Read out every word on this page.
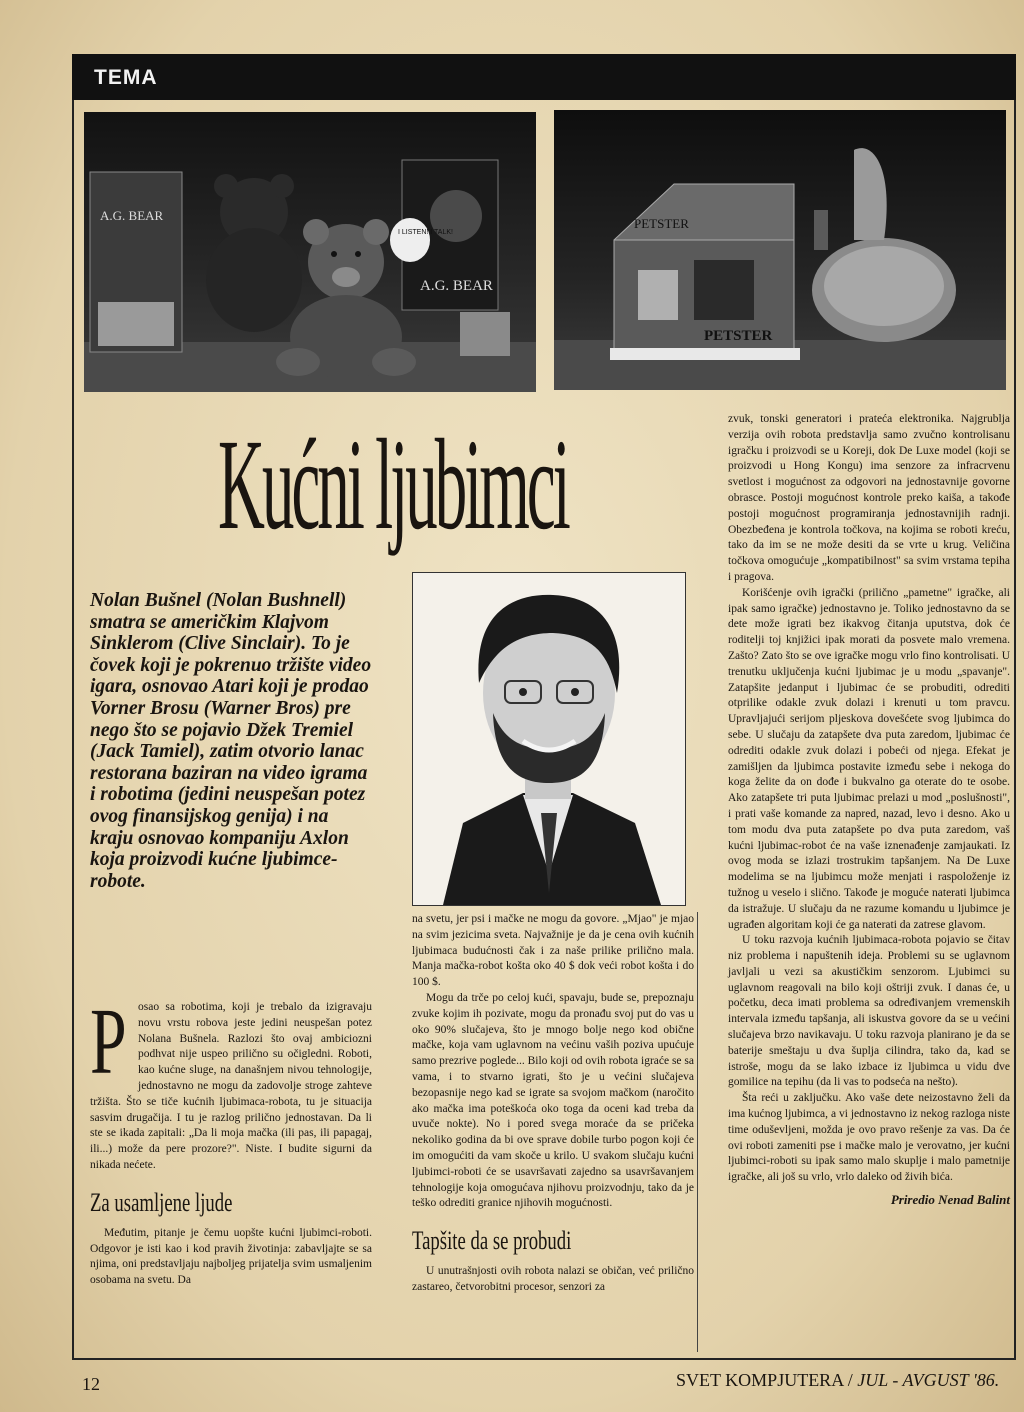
TEMA
A.G. BEAR
I LISTEN! I TALK!
A.G. BEAR
PETSTER
PETSTER
Kućni ljubimci
Nolan Bušnel (Nolan Bushnell) smatra se američkim Klajvom Sinklerom (Clive Sinclair). To je čovek koji je pokrenuo tržište video igara, osnovao Atari koji je prodao Vorner Brosu (Warner Bros) pre nego što se pojavio Džek Tremiel (Jack Tamiel), zatim otvorio lanac restorana baziran na video igrama i robotima (jedini neuspešan potez ovog finansijskog genija) i na kraju osnovao kompaniju Axlon koja proizvodi kućne ljubimce-robote.
P osao sa robotima, koji je trebalo da izigravaju novu vrstu robova jeste jedini neuspešan potez Nolana Bušnela. Razlozi što ovaj ambiciozni podhvat nije uspeo prilično su očigledni. Roboti, kao kućne sluge, na današnjem nivou tehnologije, jednostavno ne mogu da zadovolje stroge zahteve tržišta. Što se tiče kućnih ljubimaca-robota, tu je situacija sasvim drugačija. I tu je razlog prilično jednostavan. Da li ste se ikada zapitali: „Da li moja mačka (ili pas, ili papagaj, ili...) može da pere prozore?". Niste. I budite sigurni da nikada nećete.

Za usamljene ljude

Međutim, pitanje je čemu uopšte kućni ljubimci-roboti. Odgovor je isti kao i kod pravih životinja: zabavljajte se sa njima, oni predstavljaju najboljeg prijatelja svim usmaljenim osobama na svetu. Da

na svetu, jer psi i mačke ne mogu da govore. „Mjao" je mjao na svim jezicima sveta. Najvažnije je da je cena ovih kućnih ljubimaca budućnosti čak i za naše prilike prilično mala. Manja mačka-robot košta oko 40 $ dok veći robot košta i do 100 $.

Mogu da trče po celoj kući, spavaju, bude se, prepoznaju zvuke kojim ih pozivate, mogu da pronađu svoj put do vas u oko 90% slučajeva, što je mnogo bolje nego kod obične mačke, koja vam uglavnom na većinu vaših poziva upućuje samo prezrive poglede... Bilo koji od ovih robota igraće se sa vama, i to stvarno igrati, što je u većini slučajeva bezopasnije nego kad se igrate sa svojom mačkom (naročito ako mačka ima poteškoća oko toga da oceni kad treba da uvuče nokte). No i pored svega moraće da se pričeka nekoliko godina da bi ove sprave dobile turbo pogon koji će im omogućiti da vam skoče u krilo. U svakom slučaju kućni ljubimci-roboti će se usavršavati zajedno sa usavršavanjem tehnologije koja omogućava njihovu proizvodnju, tako da je teško odrediti granice njihovih mogućnosti.

Tapšite da se probudi

U unutrašnjosti ovih robota nalazi se običan, već prilično zastareo, četvorobitni procesor, senzori za

zvuk, tonski generatori i prateća elektronika. Najgrublja verzija ovih robota predstavlja samo zvučno kontrolisanu igračku i proizvodi se u Koreji, dok De Luxe model (koji se proizvodi u Hong Kongu) ima senzore za infracrvenu svetlost i mogućnost za odgovori na jednostavnije govorne obrasce. Postoji mogućnost kontrole preko kaiša, a takođe postoji mogućnost programiranja jednostavnijih radnji. Obezbeđena je kontrola točkova, na kojima se roboti kreću, tako da im se ne može desiti da se vrte u krug. Veličina točkova omogućuje „kompatibilnost" sa svim vrstama tepiha i pragova.

Korišćenje ovih igrački (prilično „pametne" igračke, ali ipak samo igračke) jednostavno je. Toliko jednostavno da se dete može igrati bez ikakvog čitanja uputstva, dok će roditelji toj knjižici ipak morati da posvete malo vremena. Zašto? Zato što se ove igračke mogu vrlo fino kontrolisati. U trenutku uključenja kućni ljubimac je u modu „spavanje". Zatapšite jedanput i ljubimac će se probuditi, odrediti otprilike odakle zvuk dolazi i krenuti u tom pravcu. Upravljajući serijom pljeskova dovešćete svog ljubimca do sebe. U slučaju da zatapšete dva puta zaredom, ljubimac će odrediti odakle zvuk dolazi i pobeći od njega. Efekat je zamišljen da ljubimca postavite između sebe i nekoga do koga želite da on dođe i bukvalno ga oterate do te osobe. Ako zatapšete tri puta ljubimac prelazi u mod „poslušnosti", i prati vaše komande za napred, nazad, levo i desno. Ako u tom modu dva puta zatapšete po dva puta zaredom, vaš kućni ljubimac-robot će na vaše iznenađenje zamjaukati. Iz ovog moda se izlazi trostrukim tapšanjem. Na De Luxe modelima se na ljubimcu može menjati i raspoloženje iz tužnog u veselo i slično. Takođe je moguće naterati ljubimca da istražuje. U slučaju da ne razume komandu u ljubimce je ugrađen algoritam koji će ga naterati da zatrese glavom.

U toku razvoja kućnih ljubimaca-robota pojavio se čitav niz problema i napuštenih ideja. Problemi su se uglavnom javljali u vezi sa akustičkim senzorom. Ljubimci su uglavnom reagovali na bilo koji oštriji zvuk. I danas će, u početku, deca imati problema sa određivanjem vremenskih intervala između tapšanja, ali iskustva govore da se u većini slučajeva brzo navikavaju. U toku razvoja planirano je da se baterije smeštaju u dva šuplja cilindra, tako da, kad se istroše, mogu da se lako izbace iz ljubimca u vidu dve gomilice na tepihu (da li vas to podseća na nešto).

Šta reći u zaključku. Ako vaše dete neizostavno želi da ima kućnog ljubimca, a vi jednostavno iz nekog razloga niste time oduševljeni, možda je ovo pravo rešenje za vas. Da će ovi roboti zameniti pse i mačke malo je verovatno, jer kućni ljubimci-roboti su ipak samo malo skuplje i malo pametnije igračke, ali još su vrlo, vrlo daleko od živih bića.

Priredio Nenad Balint
12	SVET KOMPJUTERA / JUL - AVGUST '86.
